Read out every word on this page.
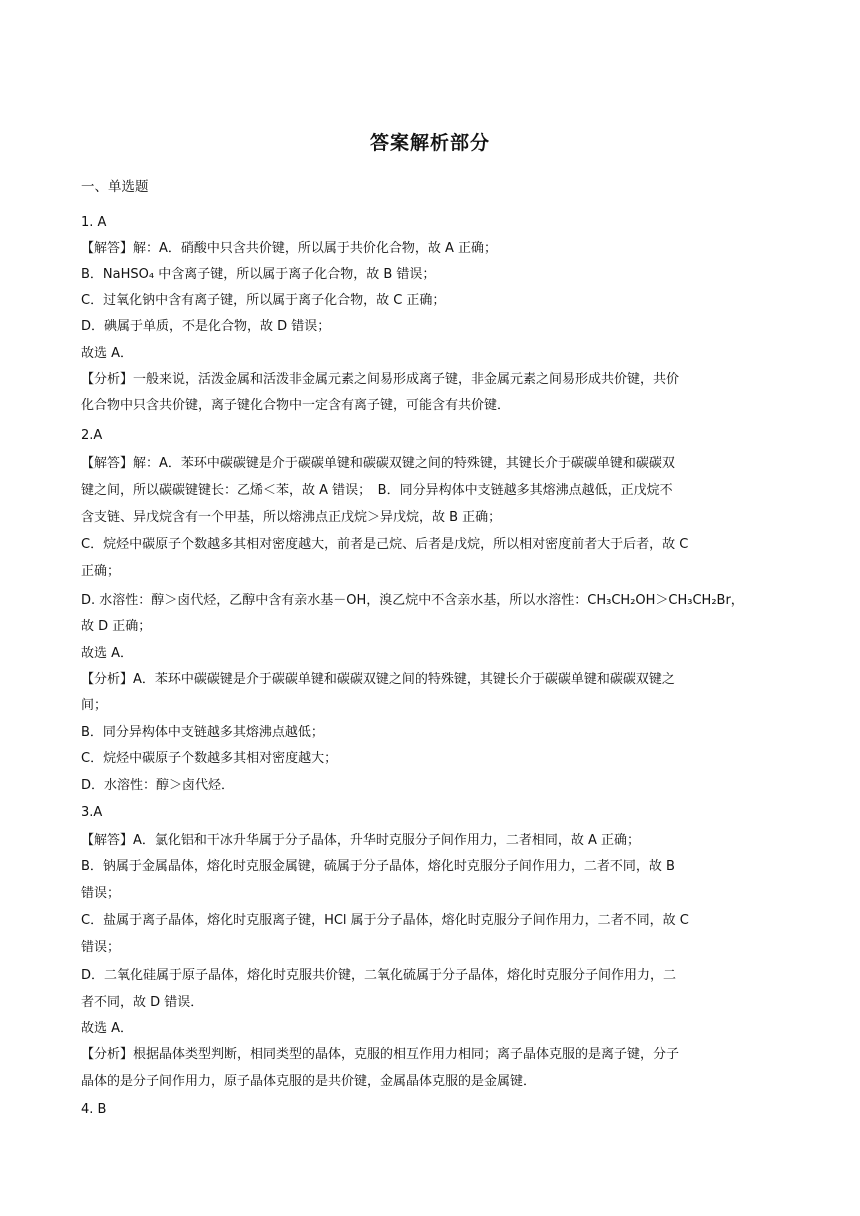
答案解析部分
一、单选题
1. A
【解答】解：A．硝酸中只含共价键，所以属于共价化合物，故 A 正确；
B．NaHSO₄ 中含离子键，所以属于离子化合物，故 B 错误；
C．过氧化钠中含有离子键，所以属于离子化合物，故 C 正确；
D．碘属于单质，不是化合物，故 D 错误；
故选 A．
【分析】一般来说，活泼金属和活泼非金属元素之间易形成离子键，非金属元素之间易形成共价键，共价
化合物中只含共价键，离子键化合物中一定含有离子键，可能含有共价键．
2.A
【解答】解：A．苯环中碳碳键是介于碳碳单键和碳碳双键之间的特殊键，其键长介于碳碳单键和碳碳双
键之间，所以碳碳键键长：乙烯＜苯，故 A 错误；　B．同分异构体中支链越多其熔沸点越低，正戊烷不
含支链、异戊烷含有一个甲基，所以熔沸点正戊烷＞异戊烷，故 B 正确；
C．烷烃中碳原子个数越多其相对密度越大，前者是己烷、后者是戊烷，所以相对密度前者大于后者，故 C
正确；
D. 水溶性：醇＞卤代烃，乙醇中含有亲水基－OH，溴乙烷中不含亲水基，所以水溶性：CH₃CH₂OH＞CH₃CH₂Br，
故 D 正确；
故选 A．
【分析】A．苯环中碳碳键是介于碳碳单键和碳碳双键之间的特殊键，其键长介于碳碳单键和碳碳双键之
间；
B．同分异构体中支链越多其熔沸点越低；
C．烷烃中碳原子个数越多其相对密度越大；
D．水溶性：醇＞卤代烃．
3.A
【解答】A．氯化铝和干冰升华属于分子晶体，升华时克服分子间作用力，二者相同，故 A 正确；
B．钠属于金属晶体，熔化时克服金属键，硫属于分子晶体，熔化时克服分子间作用力，二者不同，故 B
错误；
C．盐属于离子晶体，熔化时克服离子键，HCl 属于分子晶体，熔化时克服分子间作用力，二者不同，故 C
错误；
D．二氧化硅属于原子晶体，熔化时克服共价键，二氧化硫属于分子晶体，熔化时克服分子间作用力，二
者不同，故 D 错误．
故选 A．
【分析】根据晶体类型判断，相同类型的晶体，克服的相互作用力相同；离子晶体克服的是离子键，分子
晶体的是分子间作用力，原子晶体克服的是共价键，金属晶体克服的是金属键．
4. B
